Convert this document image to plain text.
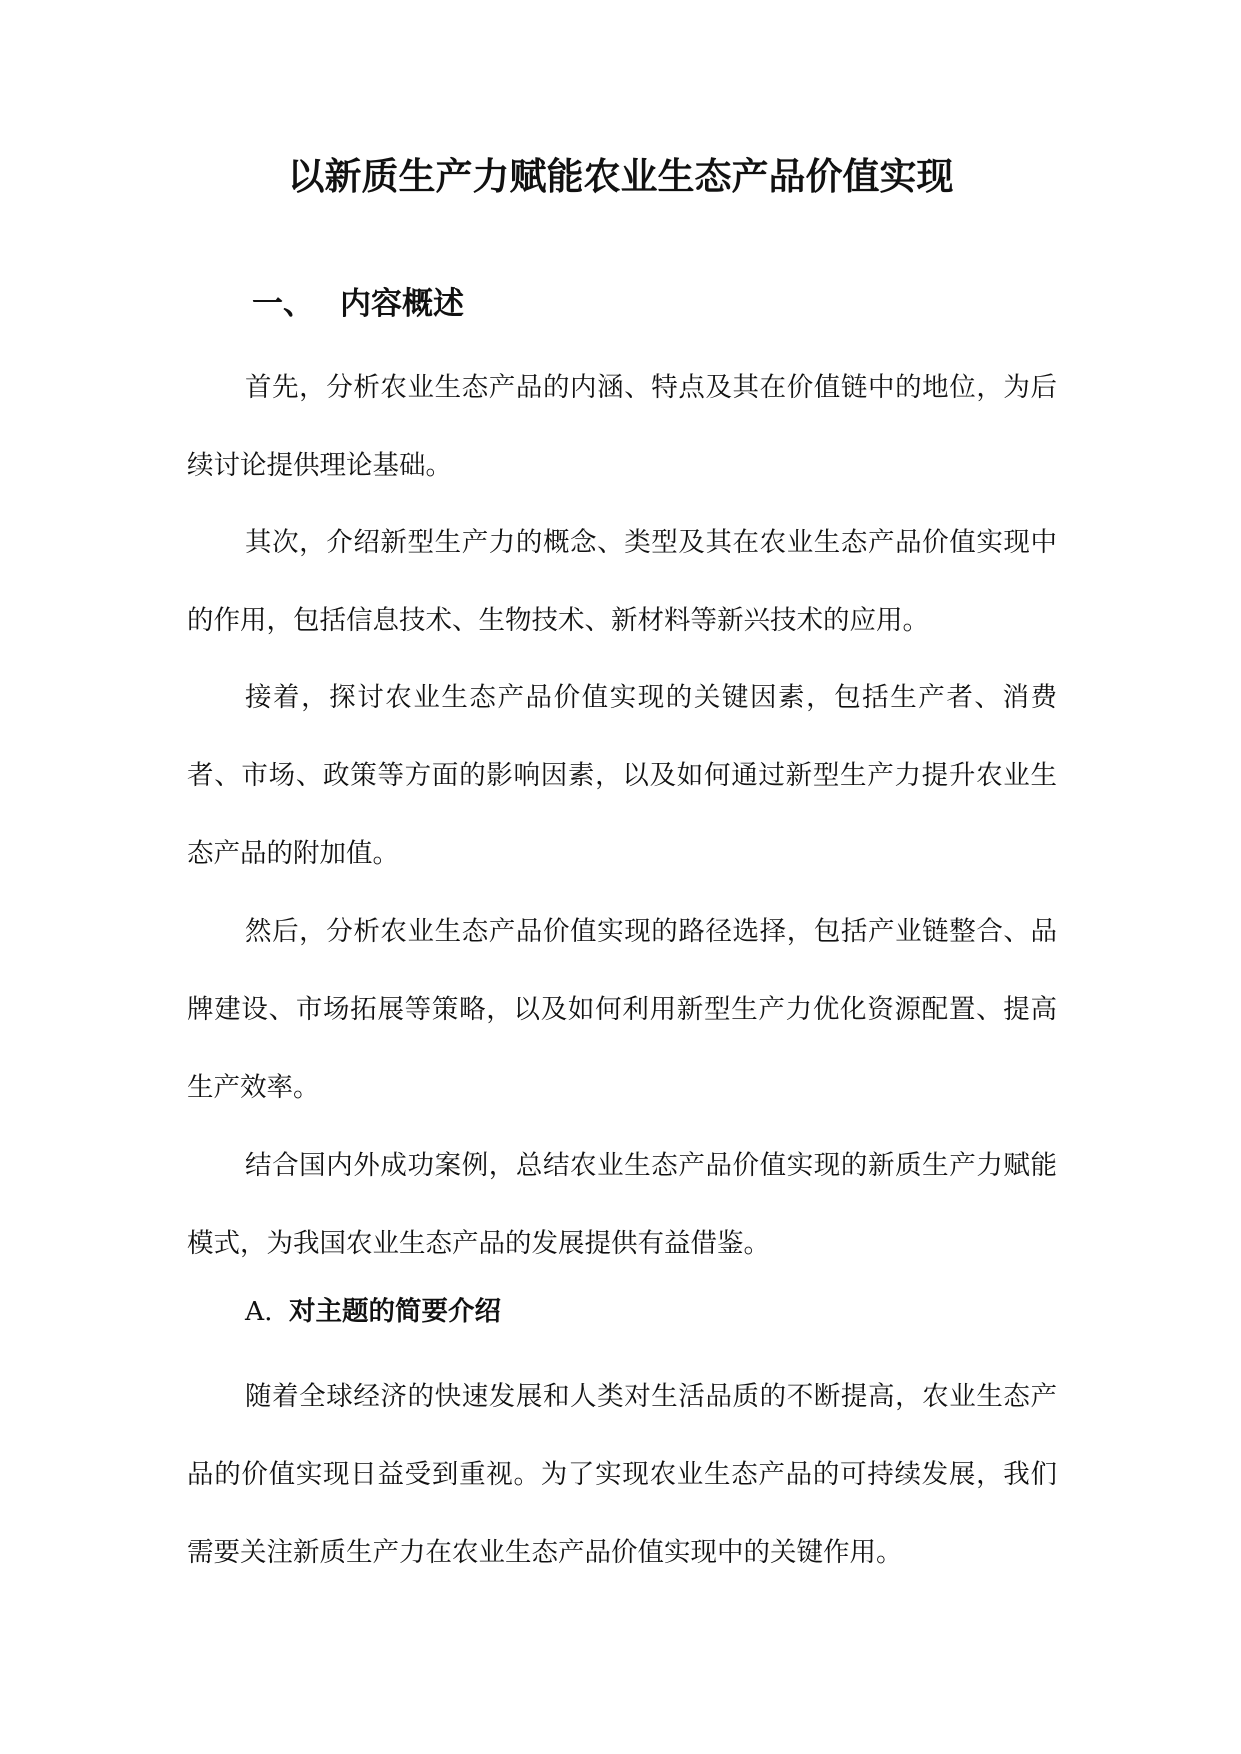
以新质生产力赋能农业生态产品价值实现
一、 内容概述

首先，分析农业生态产品的内涵、特点及其在价值链中的地位，为后续讨论提供理论基础。

其次，介绍新型生产力的概念、类型及其在农业生态产品价值实现中的作用，包括信息技术、生物技术、新材料等新兴技术的应用。

接着，探讨农业生态产品价值实现的关键因素，包括生产者、消费者、市场、政策等方面的影响因素，以及如何通过新型生产力提升农业生态产品的附加值。

然后，分析农业生态产品价值实现的路径选择，包括产业链整合、品牌建设、市场拓展等策略，以及如何利用新型生产力优化资源配置、提高生产效率。

结合国内外成功案例，总结农业生态产品价值实现的新质生产力赋能模式，为我国农业生态产品的发展提供有益借鉴。

A. 对主题的简要介绍

随着全球经济的快速发展和人类对生活品质的不断提高，农业生态产品的价值实现日益受到重视。为了实现农业生态产品的可持续发展，我们需要关注新质生产力在农业生态产品价值实现中的关键作用。
